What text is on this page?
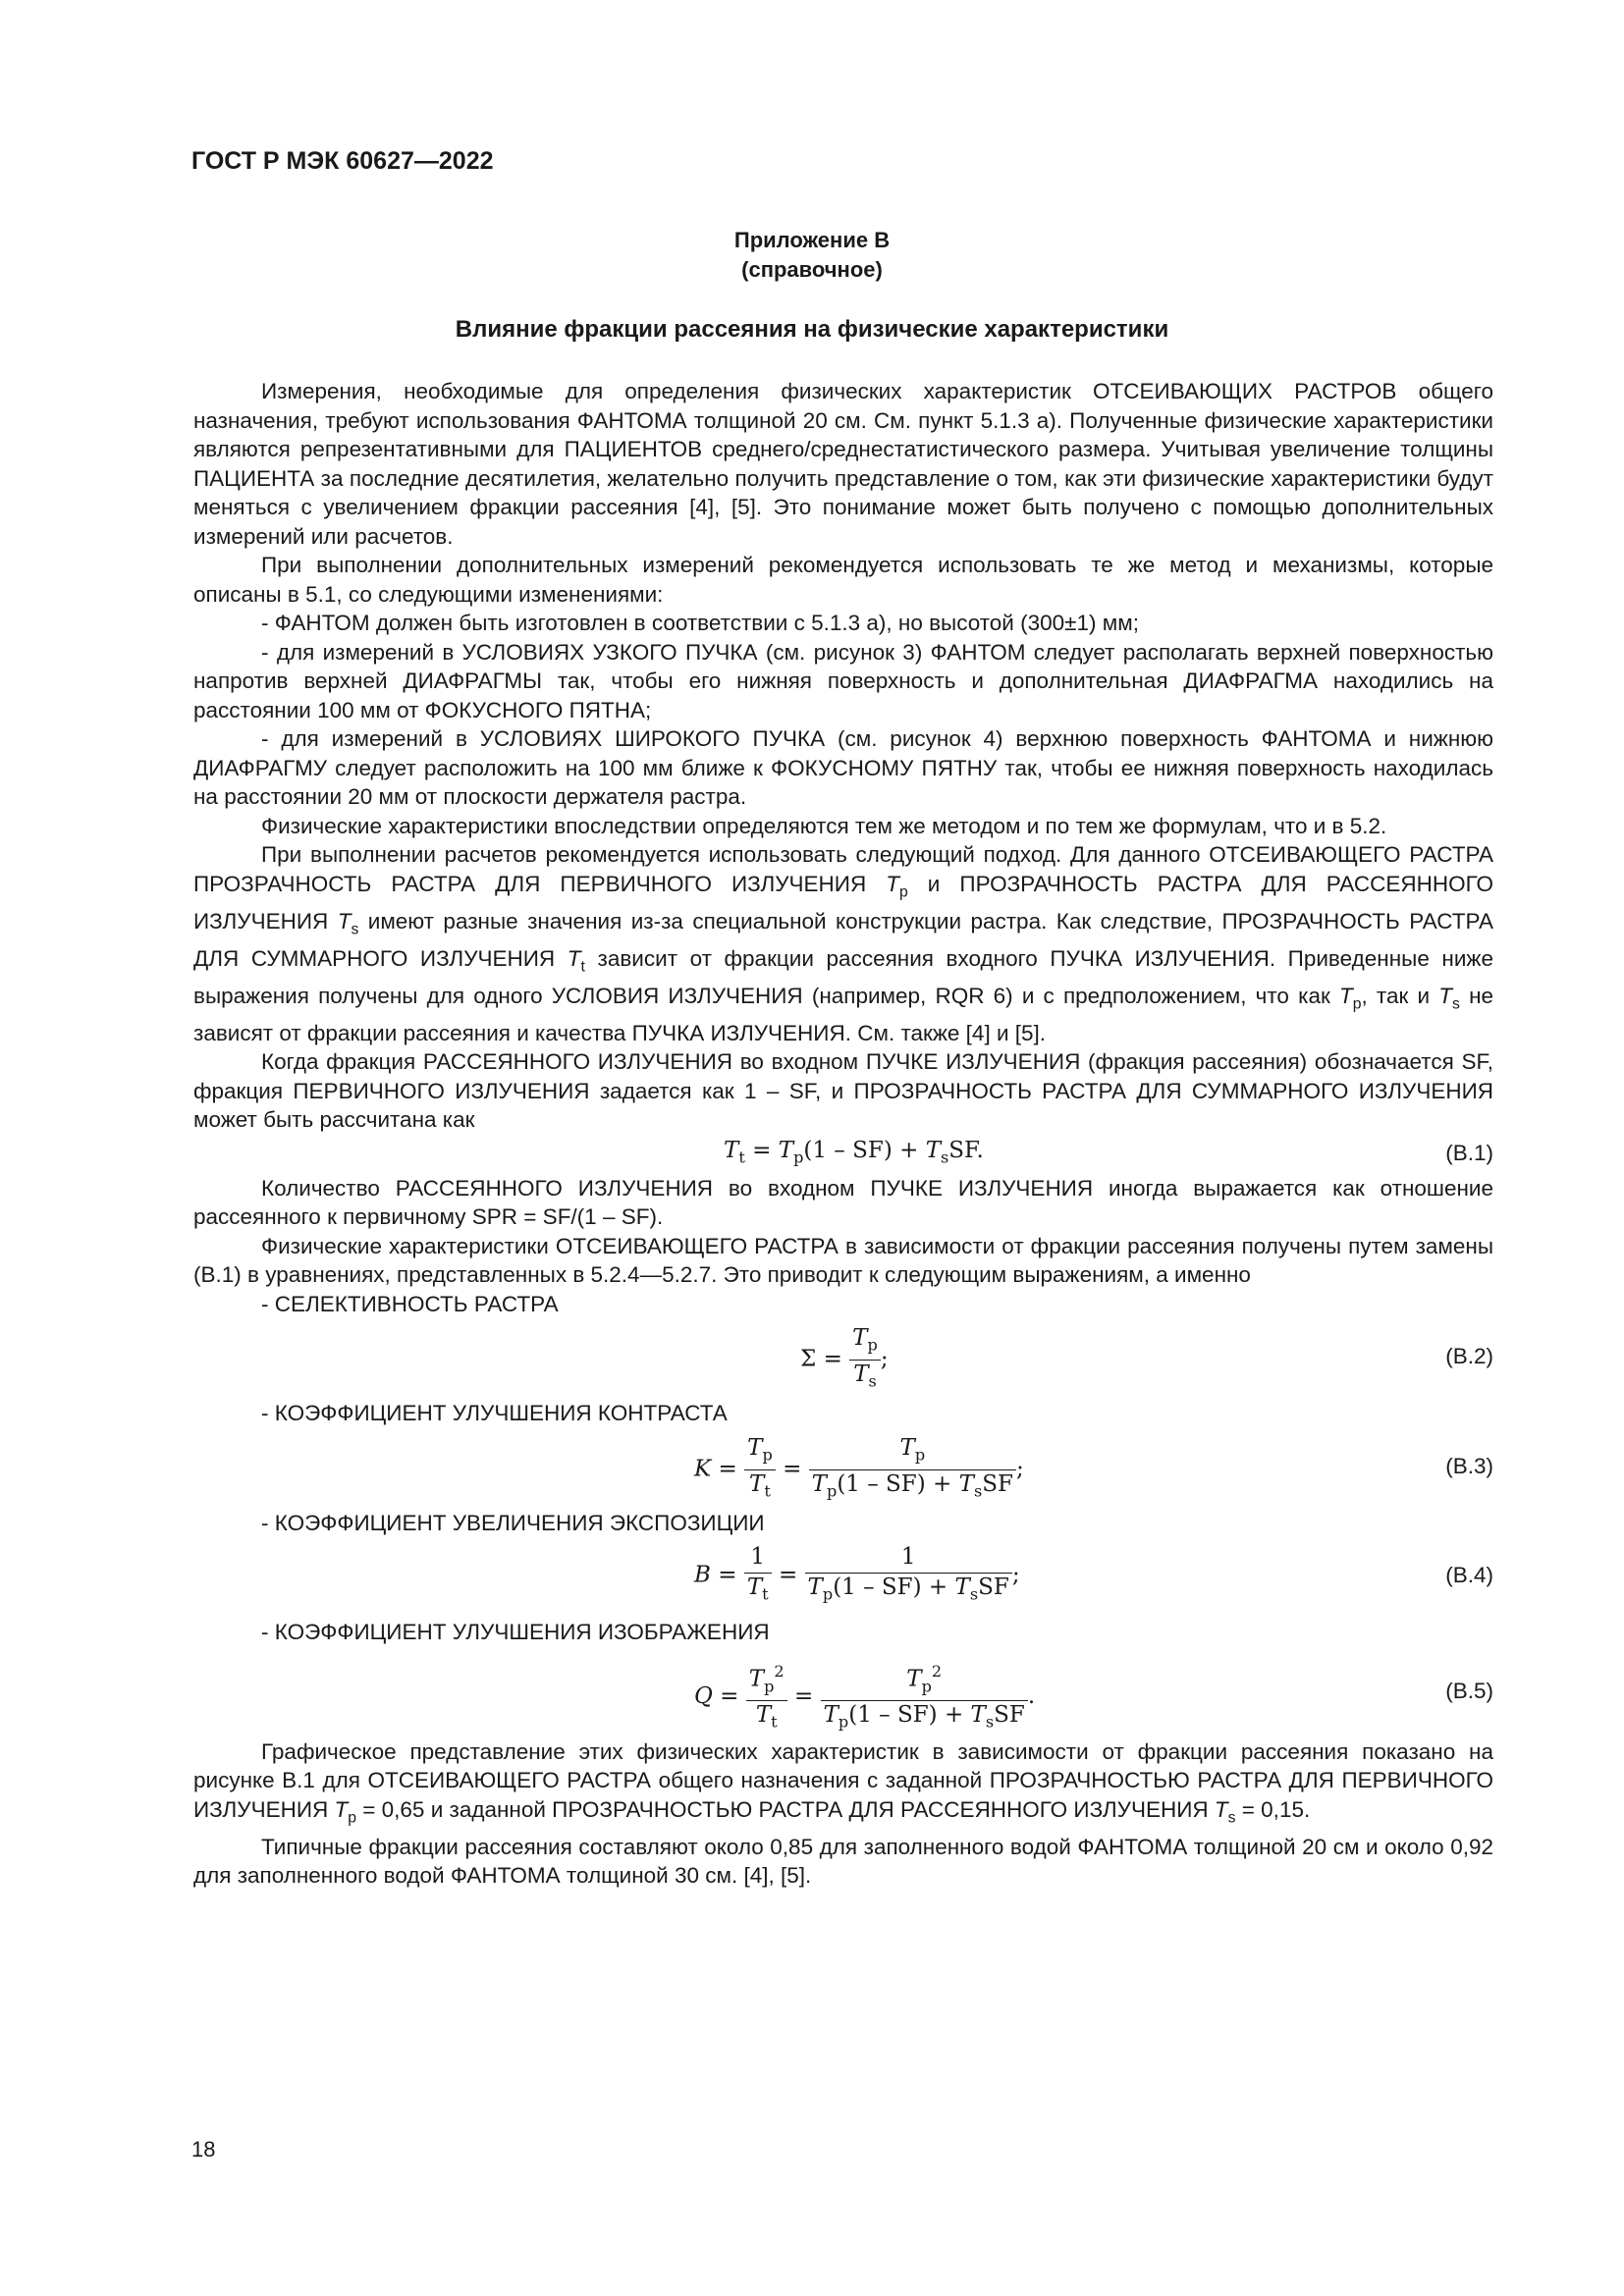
ГОСТ Р МЭК 60627—2022
Приложение В
(справочное)
Влияние фракции рассеяния на физические характеристики

Измерения, необходимые для определения физических характеристик ОТСЕИВАЮЩИХ РАСТРОВ общего назначения, требуют использования ФАНТОМА толщиной 20 см. См. пункт 5.1.3 а). Полученные физические характеристики являются репрезентативными для ПАЦИЕНТОВ среднего/среднестатистического размера. Учитывая увеличение толщины ПАЦИЕНТА за последние десятилетия, желательно получить представление о том, как эти физические характеристики будут меняться с увеличением фракции рассеяния [4], [5]. Это понимание может быть получено с помощью дополнительных измерений или расчетов.

При выполнении дополнительных измерений рекомендуется использовать те же метод и механизмы, которые описаны в 5.1, со следующими изменениями:

- ФАНТОМ должен быть изготовлен в соответствии с 5.1.3 а), но высотой (300±1) мм;

- для измерений в УСЛОВИЯХ УЗКОГО ПУЧКА (см. рисунок 3) ФАНТОМ следует располагать верхней поверхностью напротив верхней ДИАФРАГМЫ так, чтобы его нижняя поверхность и дополнительная ДИАФРАГМА находились на расстоянии 100 мм от ФОКУСНОГО ПЯТНА;

- для измерений в УСЛОВИЯХ ШИРОКОГО ПУЧКА (см. рисунок 4) верхнюю поверхность ФАНТОМА и нижнюю ДИАФРАГМУ следует расположить на 100 мм ближе к ФОКУСНОМУ ПЯТНУ так, чтобы ее нижняя поверхность находилась на расстоянии 20 мм от плоскости держателя растра.

Физические характеристики впоследствии определяются тем же методом и по тем же формулам, что и в 5.2.

При выполнении расчетов рекомендуется использовать следующий подход. Для данного ОТСЕИВАЮЩЕГО РАСТРА ПРОЗРАЧНОСТЬ РАСТРА ДЛЯ ПЕРВИЧНОГО ИЗЛУЧЕНИЯ $T_p$ и ПРОЗРАЧНОСТЬ РАСТРА ДЛЯ РАССЕЯННОГО ИЗЛУЧЕНИЯ $T_s$ имеют разные значения из-за специальной конструкции растра. Как следствие, ПРОЗРАЧНОСТЬ РАСТРА ДЛЯ СУММАРНОГО ИЗЛУЧЕНИЯ $T_t$ зависит от фракции рассеяния входного ПУЧКА ИЗЛУЧЕНИЯ. Приведенные ниже выражения получены для одного УСЛОВИЯ ИЗЛУЧЕНИЯ (например, RQR 6) и с предположением, что как $T_p$, так и $T_s$ не зависят от фракции рассеяния и качества ПУЧКА ИЗЛУЧЕНИЯ. См. также [4] и [5].

Когда фракция РАССЕЯННОГО ИЗЛУЧЕНИЯ во входном ПУЧКЕ ИЗЛУЧЕНИЯ (фракция рассеяния) обозначается SF, фракция ПЕРВИЧНОГО ИЗЛУЧЕНИЯ задается как 1 – SF, и ПРОЗРАЧНОСТЬ РАСТРА ДЛЯ СУММАРНОГО ИЗЛУЧЕНИЯ может быть рассчитана как

$T_t = T_p(1 - SF) + T_sSF$.	(B.1)

Количество РАССЕЯННОГО ИЗЛУЧЕНИЯ во входном ПУЧКЕ ИЗЛУЧЕНИЯ иногда выражается как отношение рассеянного к первичному SPR = SF/(1 – SF).

Физические характеристики ОТСЕИВАЮЩЕГО РАСТРА в зависимости от фракции рассеяния получены путем замены (B.1) в уравнениях, представленных в 5.2.4—5.2.7. Это приводит к следующим выражениям, а именно

- СЕЛЕКТИВНОСТЬ РАСТРА

$\Sigma = \frac{T_p}{T_s}$ ;	(B.2)

- КОЭФФИЦИЕНТ УЛУЧШЕНИЯ КОНТРАСТА

$K = \frac{T_p}{T_t} = \frac{T_p}{T_p(1 - SF) + T_sSF}$ ;	(B.3)

- КОЭФФИЦИЕНТ УВЕЛИЧЕНИЯ ЭКСПОЗИЦИИ

$B = \frac{1}{T_t} = \frac{1}{T_p(1 - SF) + T_sSF}$ ;	(B.4)

- КОЭФФИЦИЕНТ УЛУЧШЕНИЯ ИЗОБРАЖЕНИЯ

$Q = \frac{T_p^2}{T_t} = \frac{T_p^2}{T_p(1 - SF) + T_sSF}$ .	(B.5)

Графическое представление этих физических характеристик в зависимости от фракции рассеяния показано на рисунке В.1 для ОТСЕИВАЮЩЕГО РАСТРА общего назначения с заданной ПРОЗРАЧНОСТЬЮ РАСТРА ДЛЯ ПЕРВИЧНОГО ИЗЛУЧЕНИЯ $T_p = 0,65$ и заданной ПРОЗРАЧНОСТЬЮ РАСТРА ДЛЯ РАССЕЯННОГО ИЗЛУЧЕНИЯ $T_s = 0,15$.

Типичные фракции рассеяния составляют около 0,85 для заполненного водой ФАНТОМА толщиной 20 см и около 0,92 для заполненного водой ФАНТОМА толщиной 30 см. [4], [5].

18
